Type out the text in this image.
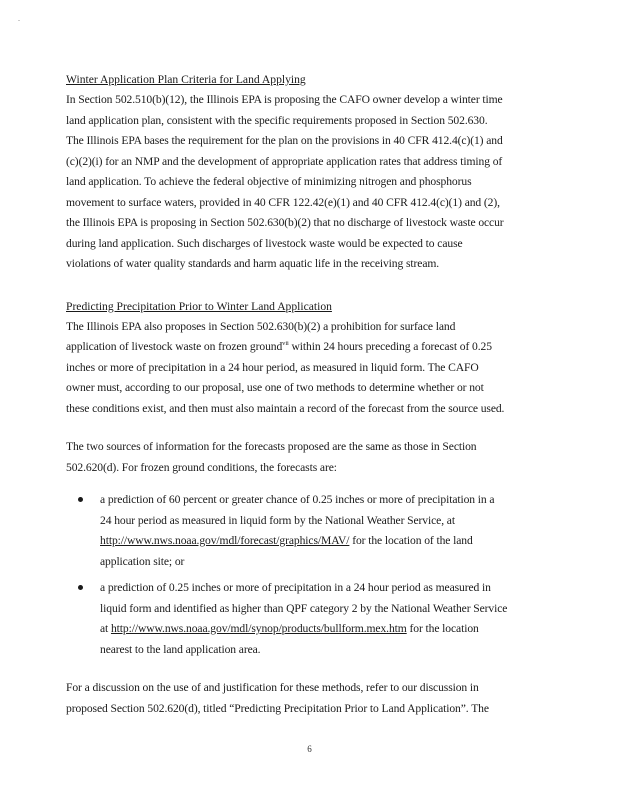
-
Winter Application Plan Criteria for Land Applying

In Section 502.510(b)(12), the Illinois EPA is proposing the CAFO owner develop a winter time
land application plan, consistent with the specific requirements proposed in Section 502.630.
The Illinois EPA bases the requirement for the plan on the provisions in 40 CFR 412.4(c)(1) and
(c)(2)(i) for an NMP and the development of appropriate application rates that address timing of
land application. To achieve the federal objective of minimizing nitrogen and phosphorus
movement to surface waters, provided in 40 CFR 122.42(e)(1) and 40 CFR 412.4(c)(1) and (2),
the Illinois EPA is proposing in Section 502.630(b)(2) that no discharge of livestock waste occur
during land application. Such discharges of livestock waste would be expected to cause
violations of water quality standards and harm aquatic life in the receiving stream.

Predicting Precipitation Prior to Winter Land Application

The Illinois EPA also proposes in Section 502.630(b)(2) a prohibition for surface land
application of livestock waste on frozen ground$^{vii}$ within 24 hours preceding a forecast of 0.25
inches or more of precipitation in a 24 hour period, as measured in liquid form. The CAFO
owner must, according to our proposal, use one of two methods to determine whether or not
these conditions exist, and then must also maintain a record of the forecast from the source used.

The two sources of information for the forecasts proposed are the same as those in Section
502.620(d). For frozen ground conditions, the forecasts are:

a prediction of 60 percent or greater chance of 0.25 inches or more of precipitation in a
24 hour period as measured in liquid form by the National Weather Service, at
http://www.nws.noaa.gov/mdl/forecast/graphics/MAV/ for the location of the land
application site; or
a prediction of 0.25 inches or more of precipitation in a 24 hour period as measured in
liquid form and identified as higher than QPF category 2 by the National Weather Service
at http://www.nws.noaa.gov/mdl/synop/products/bullform.mex.htm for the location
nearest to the land application area.

For a discussion on the use of and justification for these methods, refer to our discussion in
proposed Section 502.620(d), titled “Predicting Precipitation Prior to Land Application”. The

6
